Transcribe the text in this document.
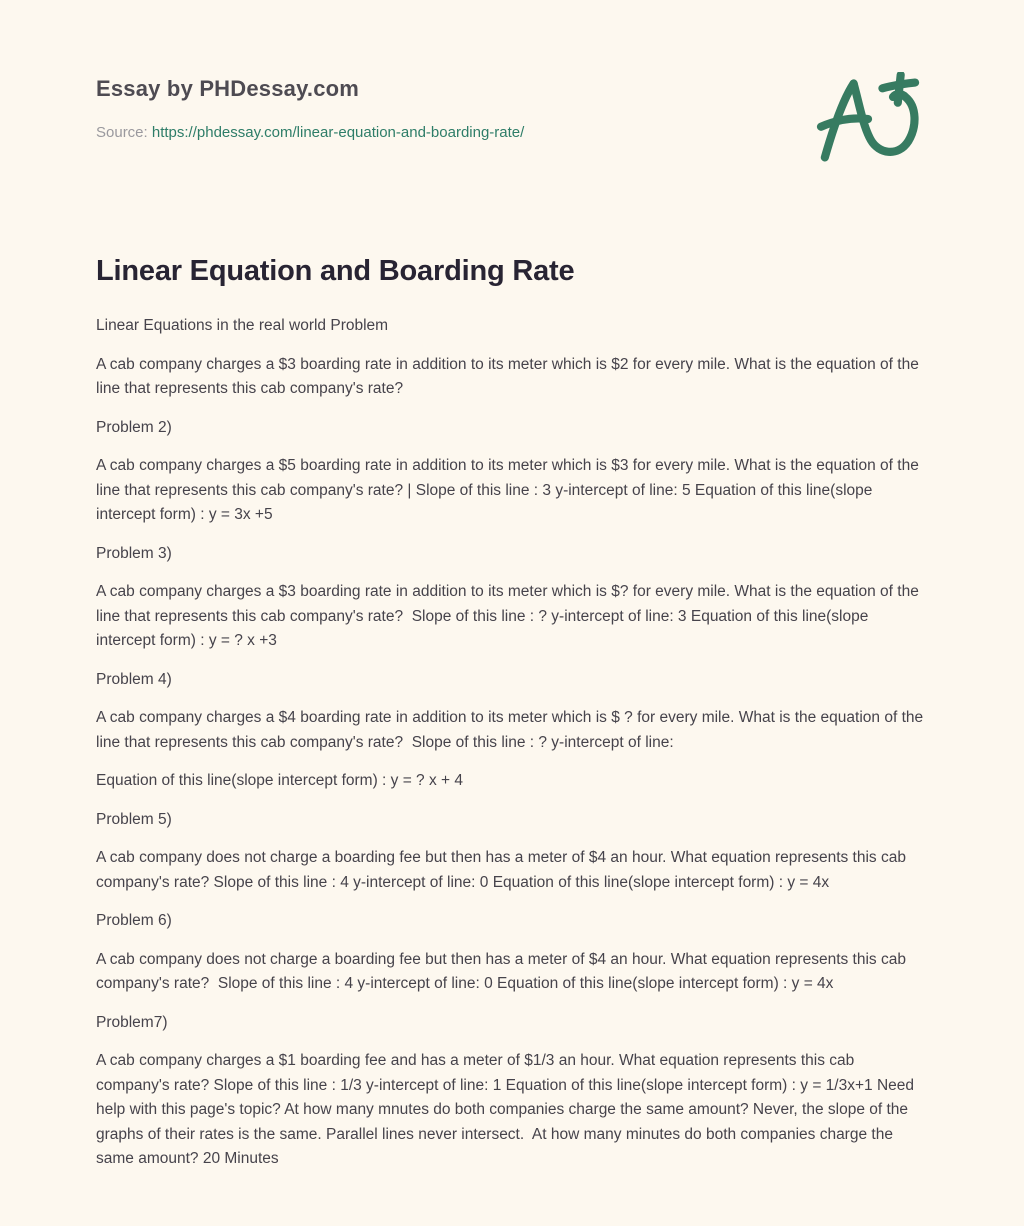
Essay by PHDessay.com
Source: https://phdessay.com/linear-equation-and-boarding-rate/
Linear Equation and Boarding Rate

Linear Equations in the real world Problem

A cab company charges a $3 boarding rate in addition to its meter which is $2 for every mile. What is the equation of the line that represents this cab company's rate?

Problem 2)

A cab company charges a $5 boarding rate in addition to its meter which is $3 for every mile. What is the equation of the line that represents this cab company's rate? | Slope of this line : 3 y-intercept of line: 5 Equation of this line(slope intercept form) : y = 3x +5

Problem 3)

A cab company charges a $3 boarding rate in addition to its meter which is $? for every mile. What is the equation of the line that represents this cab company's rate?  Slope of this line : ? y-intercept of line: 3 Equation of this line(slope intercept form) : y = ? x +3

Problem 4)

A cab company charges a $4 boarding rate in addition to its meter which is $ ? for every mile. What is the equation of the line that represents this cab company's rate?  Slope of this line : ? y-intercept of line:

Equation of this line(slope intercept form) : y = ? x + 4

Problem 5)

A cab company does not charge a boarding fee but then has a meter of $4 an hour. What equation represents this cab company's rate? Slope of this line : 4 y-intercept of line: 0 Equation of this line(slope intercept form) : y = 4x

Problem 6)

A cab company does not charge a boarding fee but then has a meter of $4 an hour. What equation represents this cab company's rate?  Slope of this line : 4 y-intercept of line: 0 Equation of this line(slope intercept form) : y = 4x

Problem7)

A cab company charges a $1 boarding fee and has a meter of $1/3 an hour. What equation represents this cab company's rate? Slope of this line : 1/3 y-intercept of line: 1 Equation of this line(slope intercept form) : y = 1/3x+1 Need help with this page's topic? At how many mnutes do both companies charge the same amount? Never, the slope of the graphs of their rates is the same. Parallel lines never intersect.  At how many minutes do both companies charge the same amount? 20 Minutes
